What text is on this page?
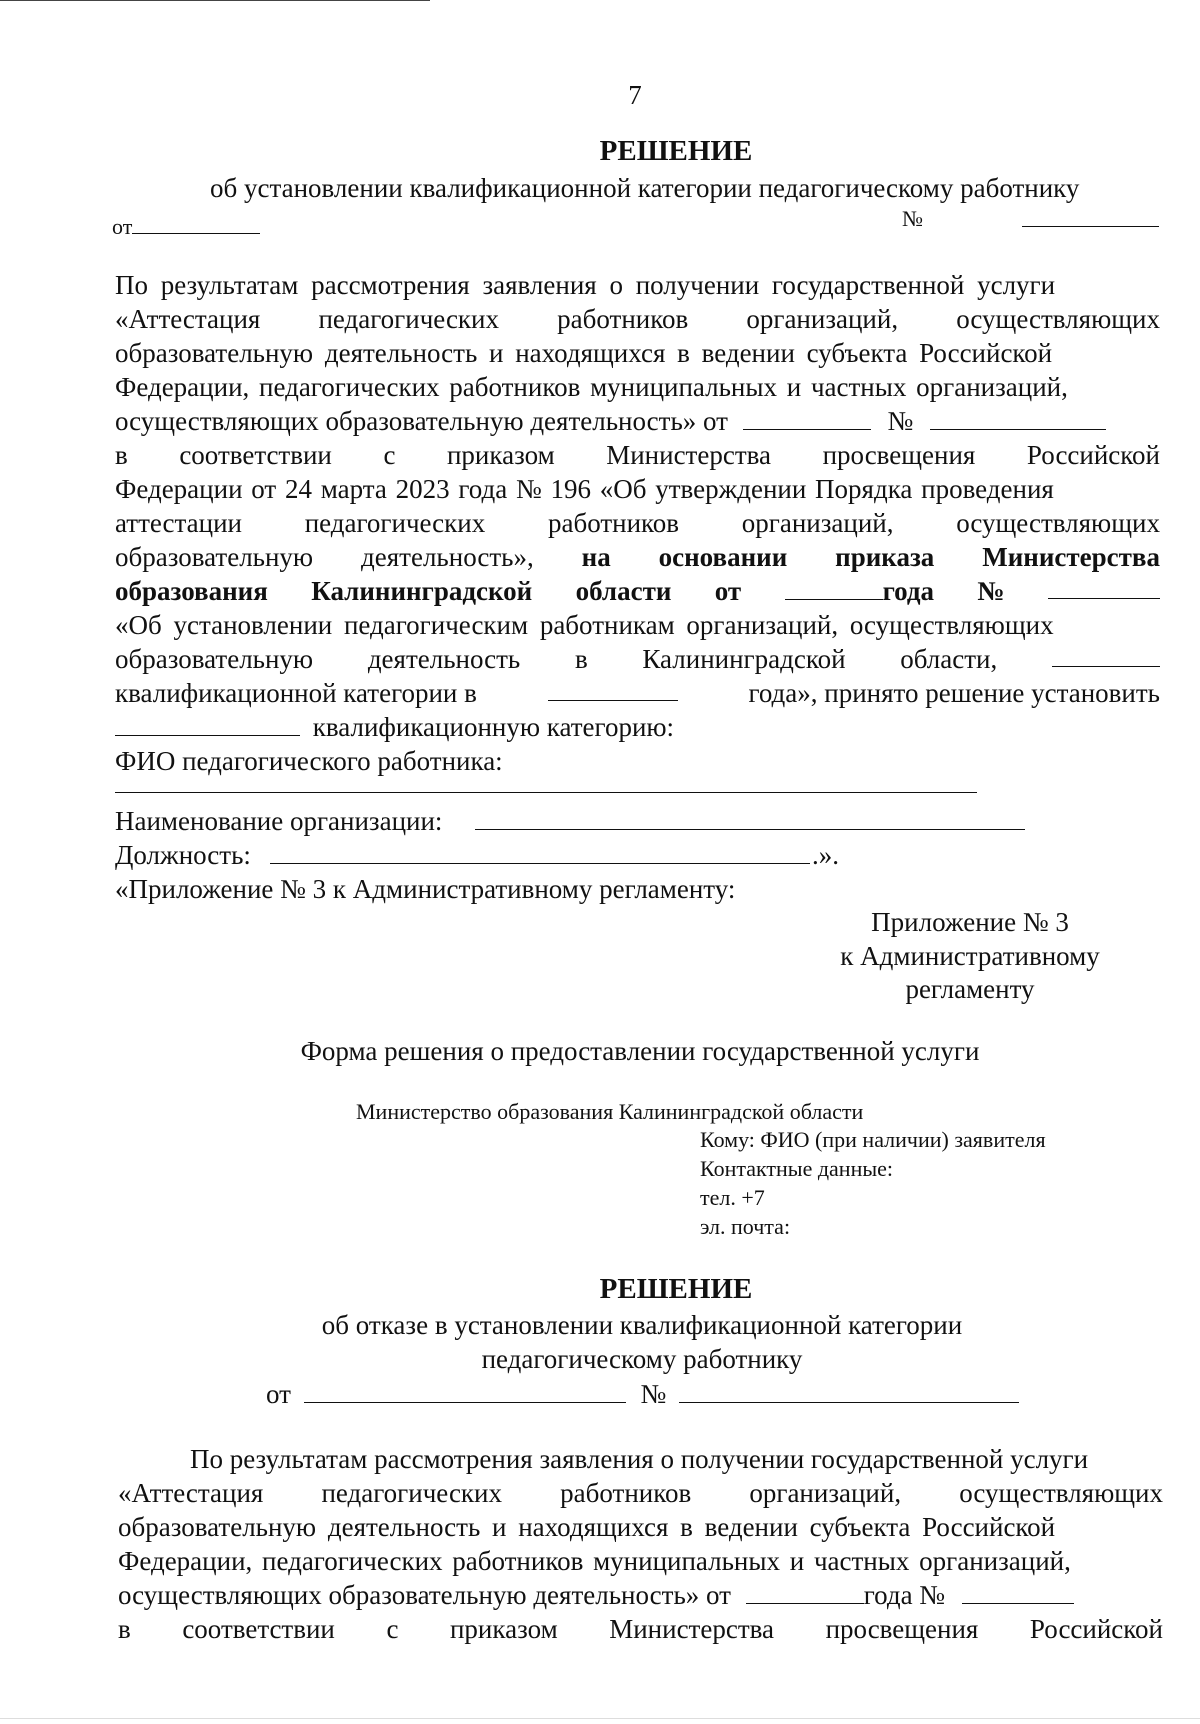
7
РЕШЕНИЕ
об установлении квалификационной категории педагогическому работнику
от	№
По результатам рассмотрения заявления о получении государственной услуги
«Аттестация педагогических работников организаций, осуществляющих
образовательную деятельность и находящихся в ведении субъекта Российской
Федерации, педагогических работников муниципальных и частных организаций,
осуществляющих образовательную деятельность» от	№
в соответствии с приказом Министерства просвещения Российской
Федерации от 24 марта 2023 года № 196 «Об утверждении Порядка проведения
аттестации педагогических работников организаций, осуществляющих
образовательную деятельность», на основании приказа Министерства
образования Калининградской области от	года №
«Об установлении педагогическим работникам организаций, осуществляющих
образовательную деятельность в Калининградской области,
квалификационной категории в	года», принято решение установить
квалификационную категорию:
ФИО педагогического работника:
Наименование организации:
Должность:	.».
«Приложение № 3 к Административному регламенту:
Приложение № 3
к Административному
регламенту
Форма решения о предоставлении государственной услуги
Министерство образования Калининградской области
Кому: ФИО (при наличии) заявителя
Контактные данные:
тел. +7
эл. почта:
РЕШЕНИЕ
об отказе в установлении квалификационной категории
педагогическому работнику
от	№
По результатам рассмотрения заявления о получении государственной услуги
«Аттестация педагогических работников организаций, осуществляющих
образовательную деятельность и находящихся в ведении субъекта Российской
Федерации, педагогических работников муниципальных и частных организаций,
осуществляющих образовательную деятельность» от	года №
в соответствии с приказом Министерства просвещения Российской
